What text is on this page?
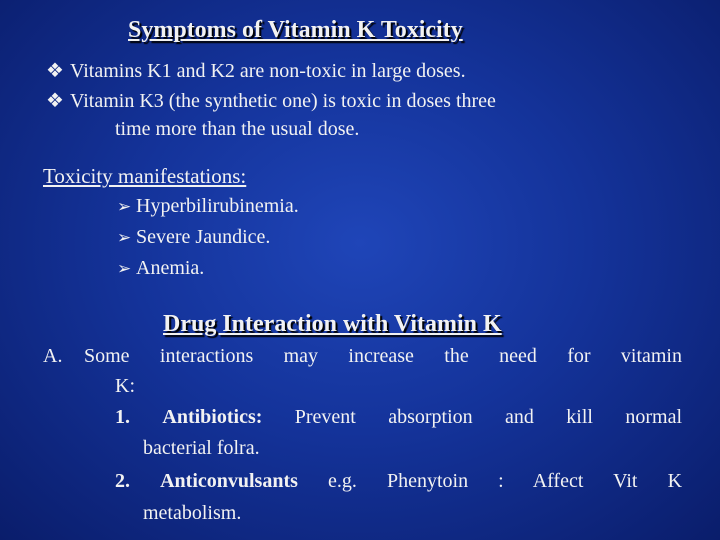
Symptoms of Vitamin K Toxicity
❖ Vitamins K1 and K2 are non-toxic in large doses.
❖ Vitamin K3 (the synthetic one) is toxic in doses three
time more than the usual dose.
Toxicity manifestations:
➢ Hyperbilirubinemia.
➢ Severe Jaundice.
➢ Anemia.
Drug Interaction with Vitamin K
A. Some interactions may increase the need for vitamin
K:
1. Antibiotics: Prevent absorption and kill normal
bacterial folra.
2. Anticonvulsants e.g. Phenytoin : Affect Vit K
metabolism.
